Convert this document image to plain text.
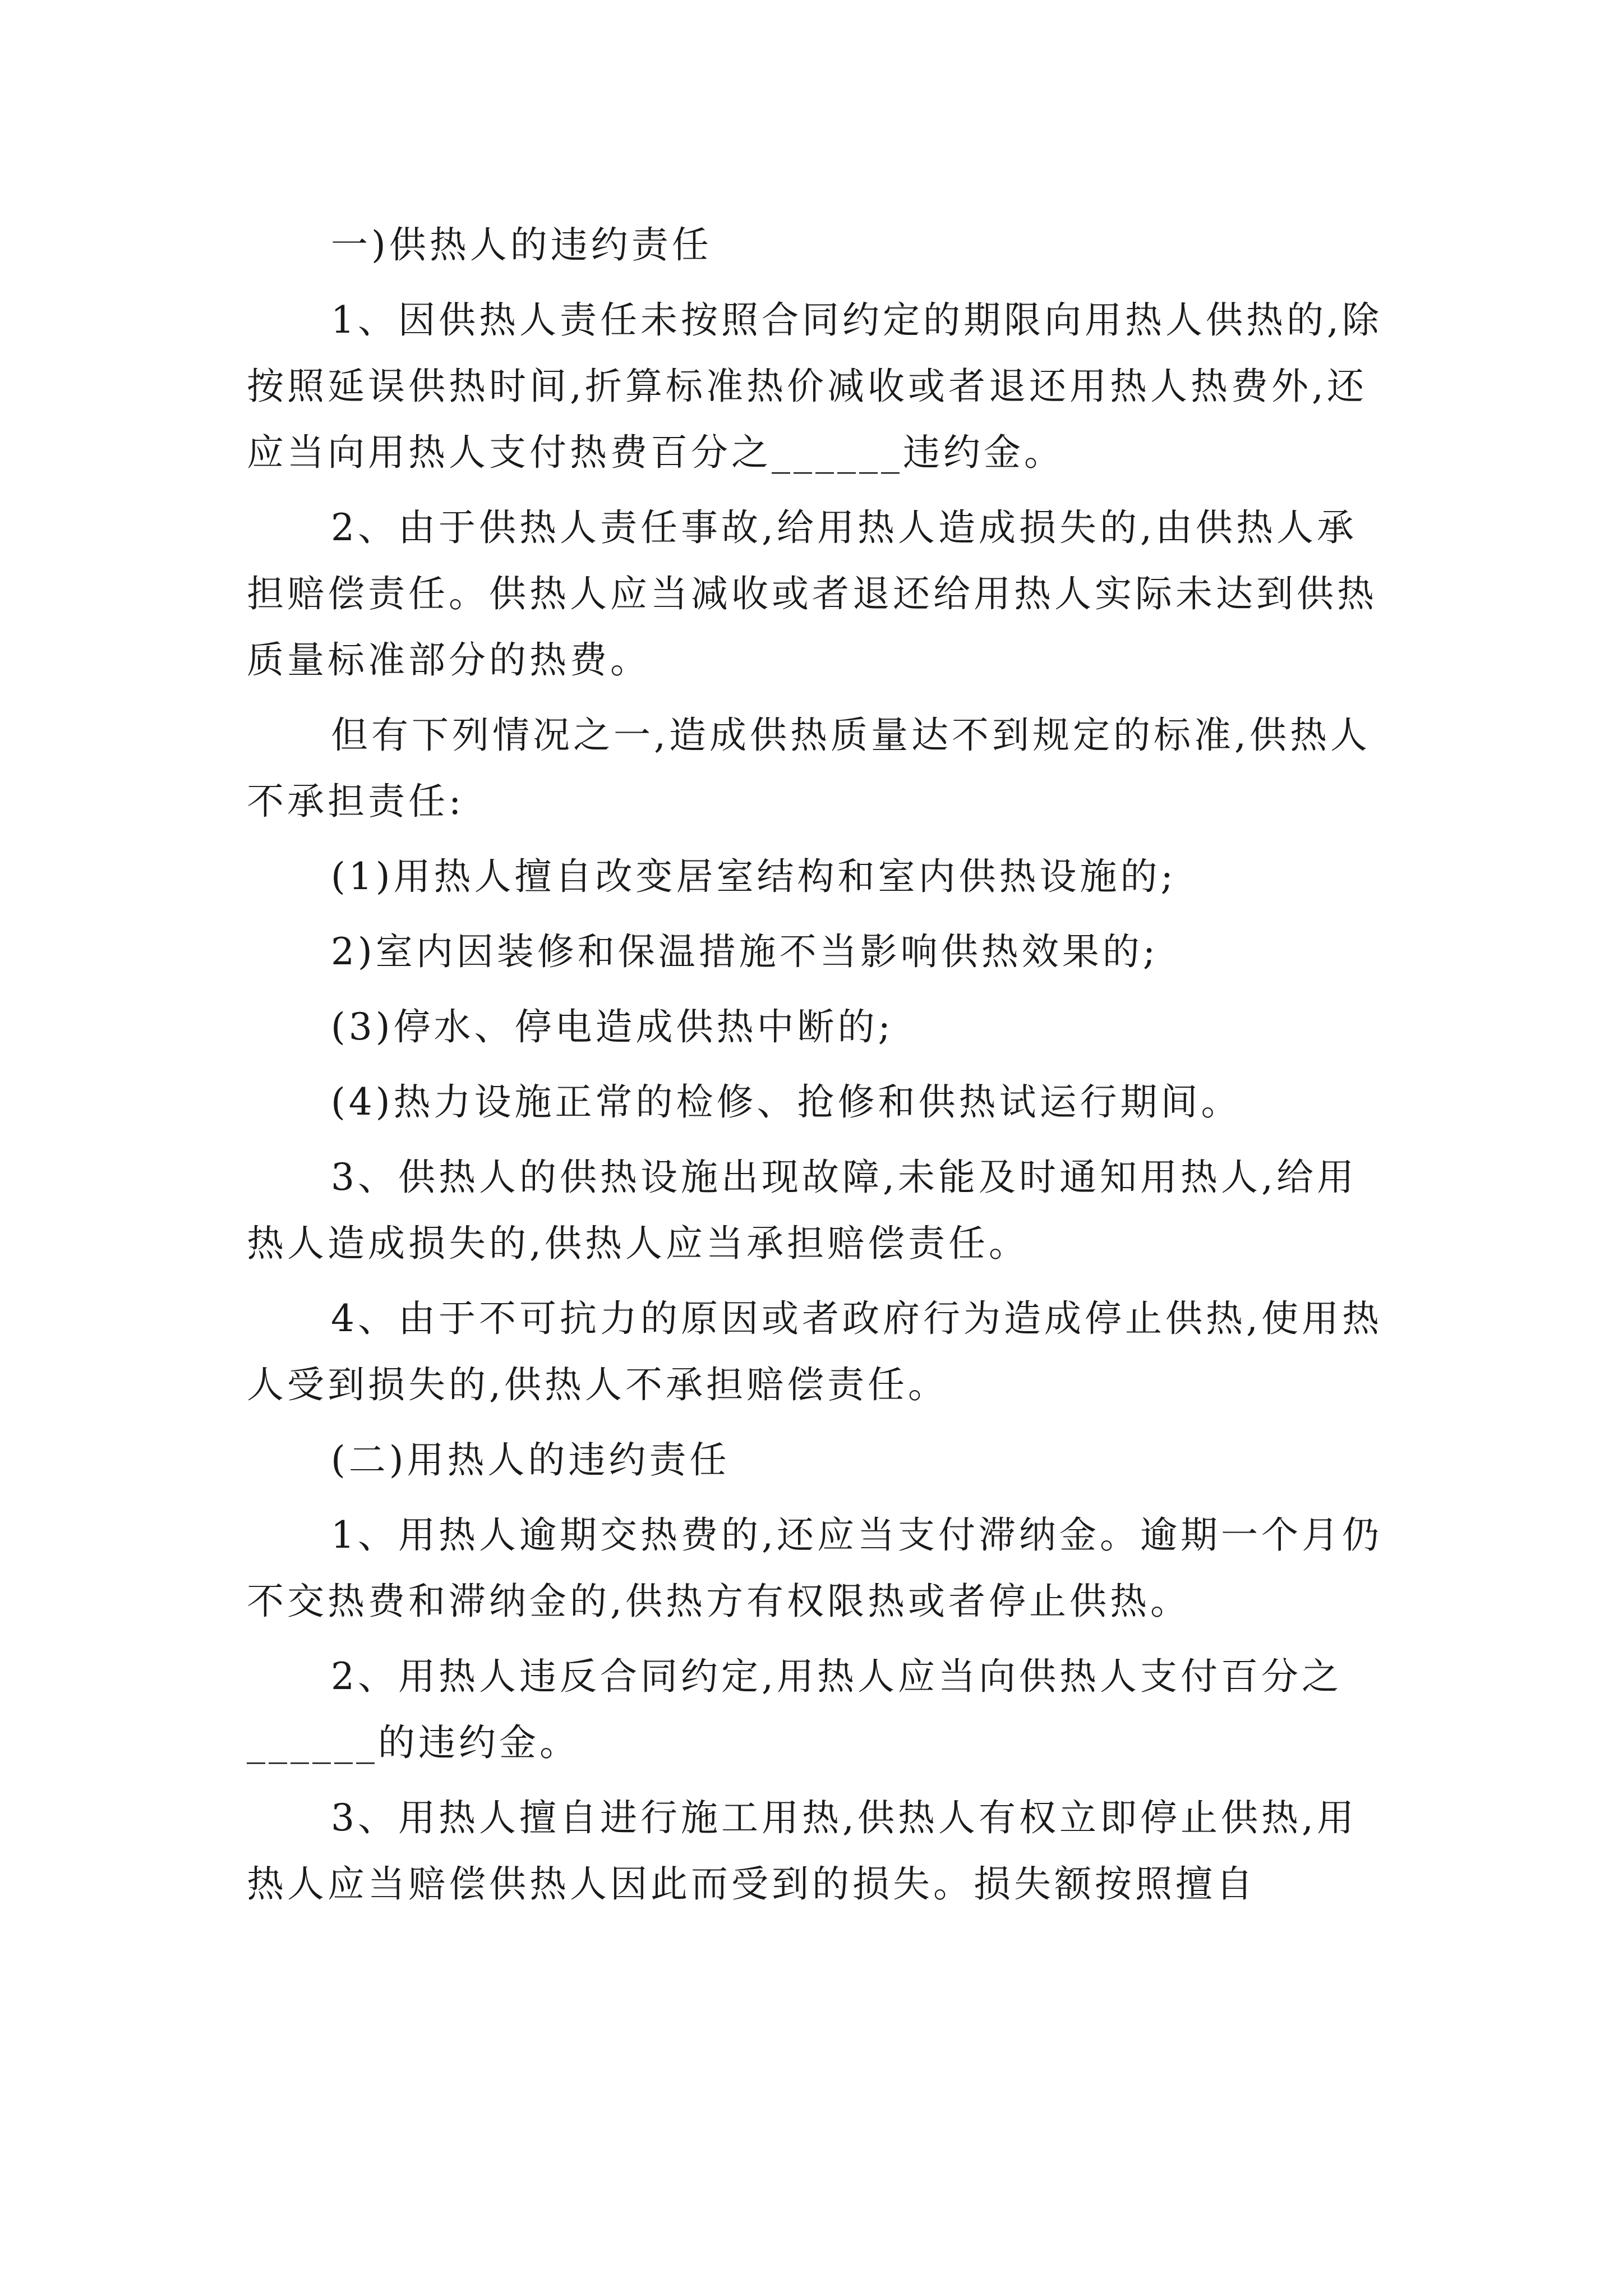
一)供热人的违约责任

1、因供热人责任未按照合同约定的期限向用热人供热的,除按照延误供热时间,折算标准热价减收或者退还用热人热费外,还应当向用热人支付热费百分之______违约金。

2、由于供热人责任事故,给用热人造成损失的,由供热人承担赔偿责任。供热人应当减收或者退还给用热人实际未达到供热质量标准部分的热费。

但有下列情况之一,造成供热质量达不到规定的标准,供热人不承担责任:

(1)用热人擅自改变居室结构和室内供热设施的;

2)室内因装修和保温措施不当影响供热效果的;

(3)停水、停电造成供热中断的;

(4)热力设施正常的检修、抢修和供热试运行期间。

3、供热人的供热设施出现故障,未能及时通知用热人,给用热人造成损失的,供热人应当承担赔偿责任。

4、由于不可抗力的原因或者政府行为造成停止供热,使用热人受到损失的,供热人不承担赔偿责任。

(二)用热人的违约责任

1、用热人逾期交热费的,还应当支付滞纳金。逾期一个月仍不交热费和滞纳金的,供热方有权限热或者停止供热。

2、用热人违反合同约定,用热人应当向供热人支付百分之______的违约金。

3、用热人擅自进行施工用热,供热人有权立即停止供热,用热人应当赔偿供热人因此而受到的损失。损失额按照擅自
